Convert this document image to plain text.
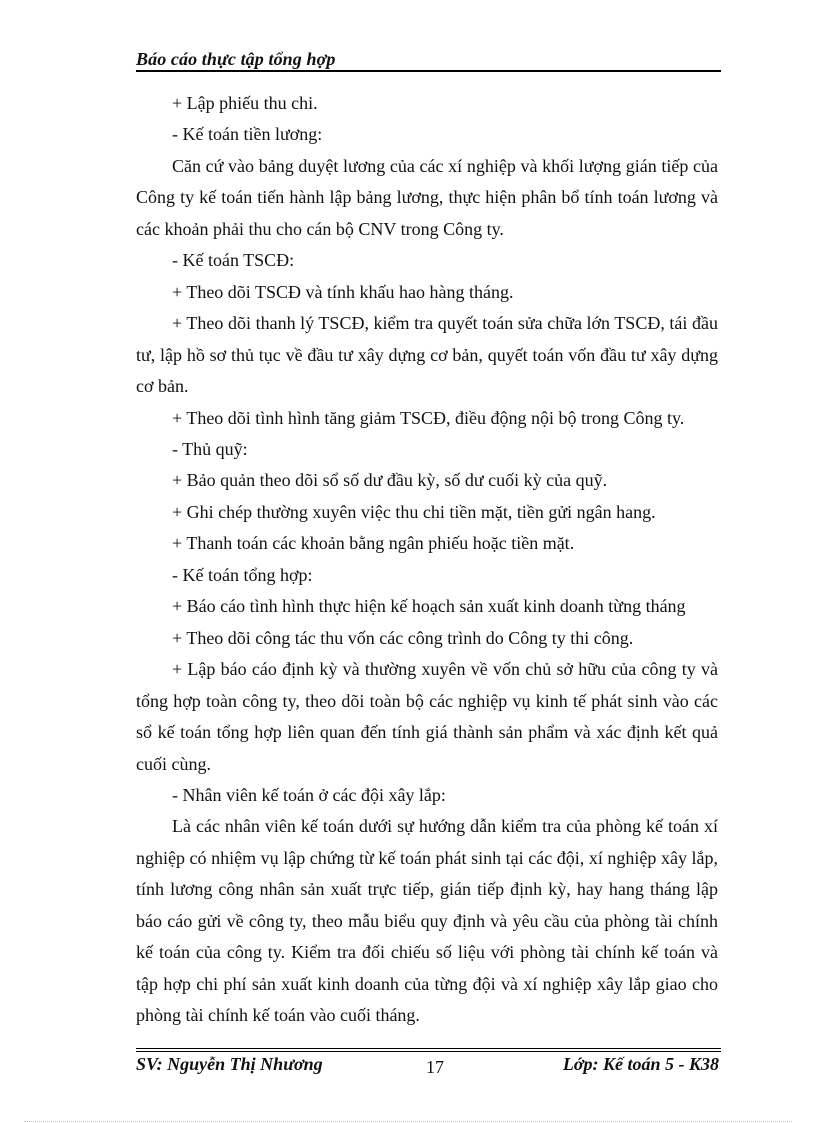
Báo cáo thực tập tổng hợp

+ Lập phiếu thu chi.

- Kế toán tiền lương:

Căn cứ vào bảng duyệt lương của các xí nghiệp và khối lượng gián tiếp của Công ty kế toán tiến hành lập bảng lương, thực hiện phân bổ tính toán lương và các khoản phải thu cho cán bộ CNV trong Công ty.

- Kế toán TSCĐ:

+ Theo dõi TSCĐ và tính khấu hao hàng tháng.

+ Theo dõi thanh lý TSCĐ, kiểm tra quyết toán sửa chữa lớn TSCĐ, tái đầu tư, lập hồ sơ thủ tục về đầu tư xây dựng cơ bản, quyết toán vốn đầu tư xây dựng cơ bản.

+ Theo dõi tình hình tăng giảm TSCĐ, điều động nội bộ trong Công ty.

- Thủ quỹ:

+ Bảo quản theo dõi sổ số dư đầu kỳ, số dư cuối kỳ của quỹ.

+ Ghi chép thường xuyên việc thu chi tiền mặt, tiền gửi ngân hang.

+ Thanh toán các khoản bằng ngân phiếu hoặc tiền mặt.

- Kế toán tổng hợp:

+ Báo cáo tình hình thực hiện kế hoạch sản xuất kinh doanh từng tháng

+ Theo dõi công tác thu vốn các công trình do Công ty thi công.

+ Lập báo cáo định kỳ và thường xuyên về vốn chủ sở hữu của công ty và tổng hợp toàn công ty, theo dõi toàn bộ các nghiệp vụ kinh tế phát sinh vào các sổ kế toán tổng hợp liên quan đến tính giá thành sản phẩm và xác định kết quả cuối cùng.

- Nhân viên kế toán ở các đội xây lắp:

Là các nhân viên kế toán dưới sự hướng dẫn kiểm tra của phòng kế toán xí nghiệp có nhiệm vụ lập chứng từ kế toán phát sinh tại các đội, xí nghiệp xây lắp, tính lương công nhân sản xuất trực tiếp, gián tiếp định kỳ, hay hang tháng lập báo cáo gửi về công ty, theo mẫu biểu quy định và yêu cầu của phòng tài chính kế toán của công ty. Kiểm tra đối chiếu số liệu với phòng tài chính kế toán và tập hợp chi phí sản xuất kinh doanh của từng đội và xí nghiệp xây lắp giao cho phòng tài chính kế toán vào cuối tháng.

SV: Nguyễn Thị Nhương	17	Lớp: Kế toán 5 - K38
